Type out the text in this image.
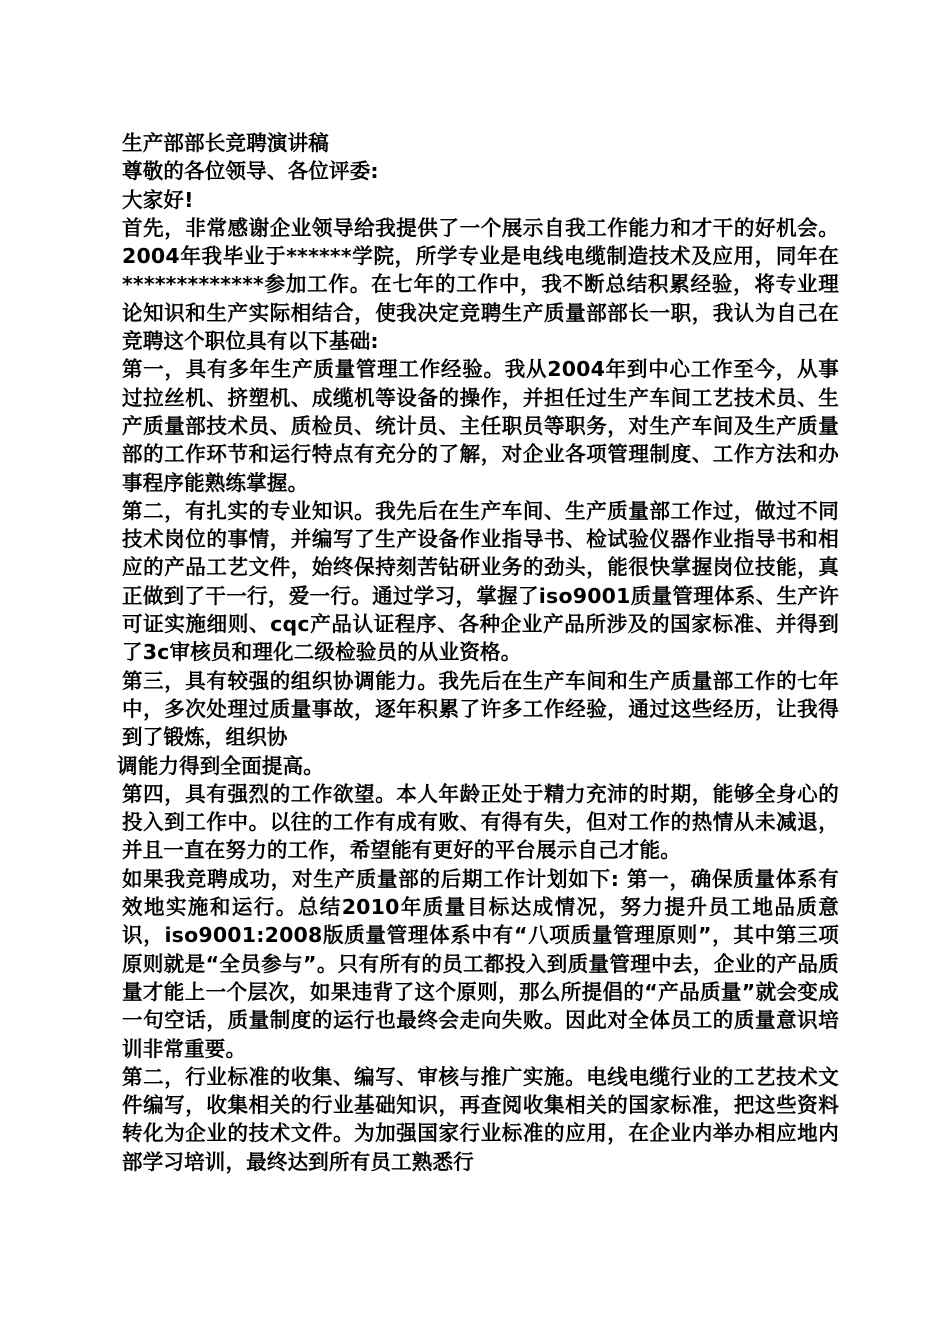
生产部部长竞聘演讲稿

尊敬的各位领导、各位评委:

大家好!

首先，非常感谢企业领导给我提供了一个展示自我工作能力和才干的好机会。2004年我毕业于******学院，所学专业是电线电缆制造技术及应用，同年在*************参加工作。在七年的工作中，我不断总结积累经验，将专业理论知识和生产实际相结合，使我决定竞聘生产质量部部长一职，我认为自己在竞聘这个职位具有以下基础:

第一，具有多年生产质量管理工作经验。我从2004年到中心工作至今，从事过拉丝机、挤塑机、成缆机等设备的操作，并担任过生产车间工艺技术员、生产质量部技术员、质检员、统计员、主任职员等职务，对生产车间及生产质量部的工作环节和运行特点有充分的了解，对企业各项管理制度、工作方法和办事程序能熟练掌握。

第二，有扎实的专业知识。我先后在生产车间、生产质量部工作过，做过不同技术岗位的事情，并编写了生产设备作业指导书、检试验仪器作业指导书和相应的产品工艺文件，始终保持刻苦钻研业务的劲头，能很快掌握岗位技能，真正做到了干一行，爱一行。通过学习，掌握了iso9001质量管理体系、生产许可证实施细则、cqc产品认证程序、各种企业产品所涉及的国家标准、并得到了3c审核员和理化二级检验员的从业资格。

第三，具有较强的组织协调能力。我先后在生产车间和生产质量部工作的七年中，多次处理过质量事故，逐年积累了许多工作经验，通过这些经历，让我得到了锻炼，组织协

调能力得到全面提高。

第四，具有强烈的工作欲望。本人年龄正处于精力充沛的时期，能够全身心的投入到工作中。以往的工作有成有败、有得有失，但对工作的热情从未减退，并且一直在努力的工作，希望能有更好的平台展示自己才能。

如果我竞聘成功，对生产质量部的后期工作计划如下: 第一，确保质量体系有效地实施和运行。总结2010年质量目标达成情况，努力提升员工地品质意识，iso9001:2008版质量管理体系中有“八项质量管理原则”，其中第三项原则就是“全员参与”。只有所有的员工都投入到质量管理中去，企业的产品质量才能上一个层次，如果违背了这个原则，那么所提倡的“产品质量”就会变成一句空话，质量制度的运行也最终会走向失败。因此对全体员工的质量意识培训非常重要。

第二，行业标准的收集、编写、审核与推广实施。电线电缆行业的工艺技术文件编写，收集相关的行业基础知识，再查阅收集相关的国家标准，把这些资料转化为企业的技术文件。为加强国家行业标准的应用，在企业内举办相应地内部学习培训，最终达到所有员工熟悉行
